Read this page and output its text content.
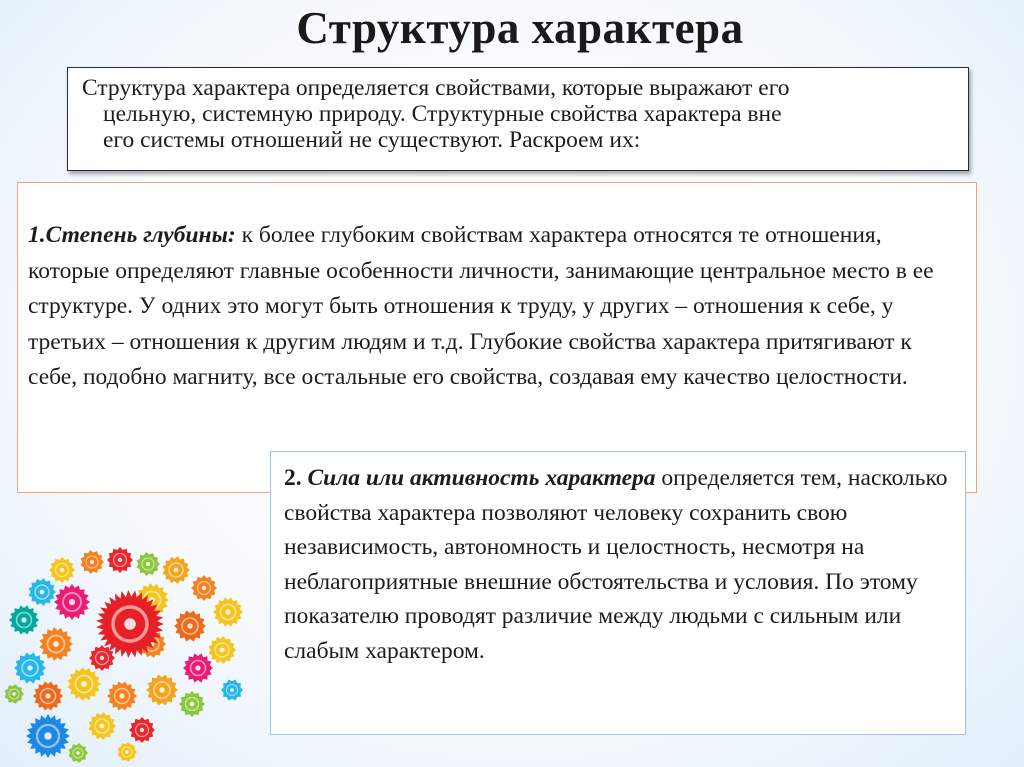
Структура характера
Структура характера определяется свойствами, которые выражают его
цельную, системную природу. Структурные свойства характера вне
его системы отношений не существуют. Раскроем их:
1.Степень глубины: к более глубоким свойствам характера относятся те отношения, которые определяют главные особенности личности, занимающие центральное место в ее структуре. У одних это могут быть отношения к труду, у других – отношения к себе, у третьих – отношения к другим людям и т.д. Глубокие свойства характера притягивают к себе, подобно магниту, все остальные его свойства, создавая ему качество целостности.
2. Сила или активность характера определяется тем, насколько свойства характера позволяют человеку сохранить свою независимость, автономность и целостность, несмотря на неблагоприятные внешние обстоятельства и условия. По этому показателю проводят различие между людьми с сильным или слабым характером.
